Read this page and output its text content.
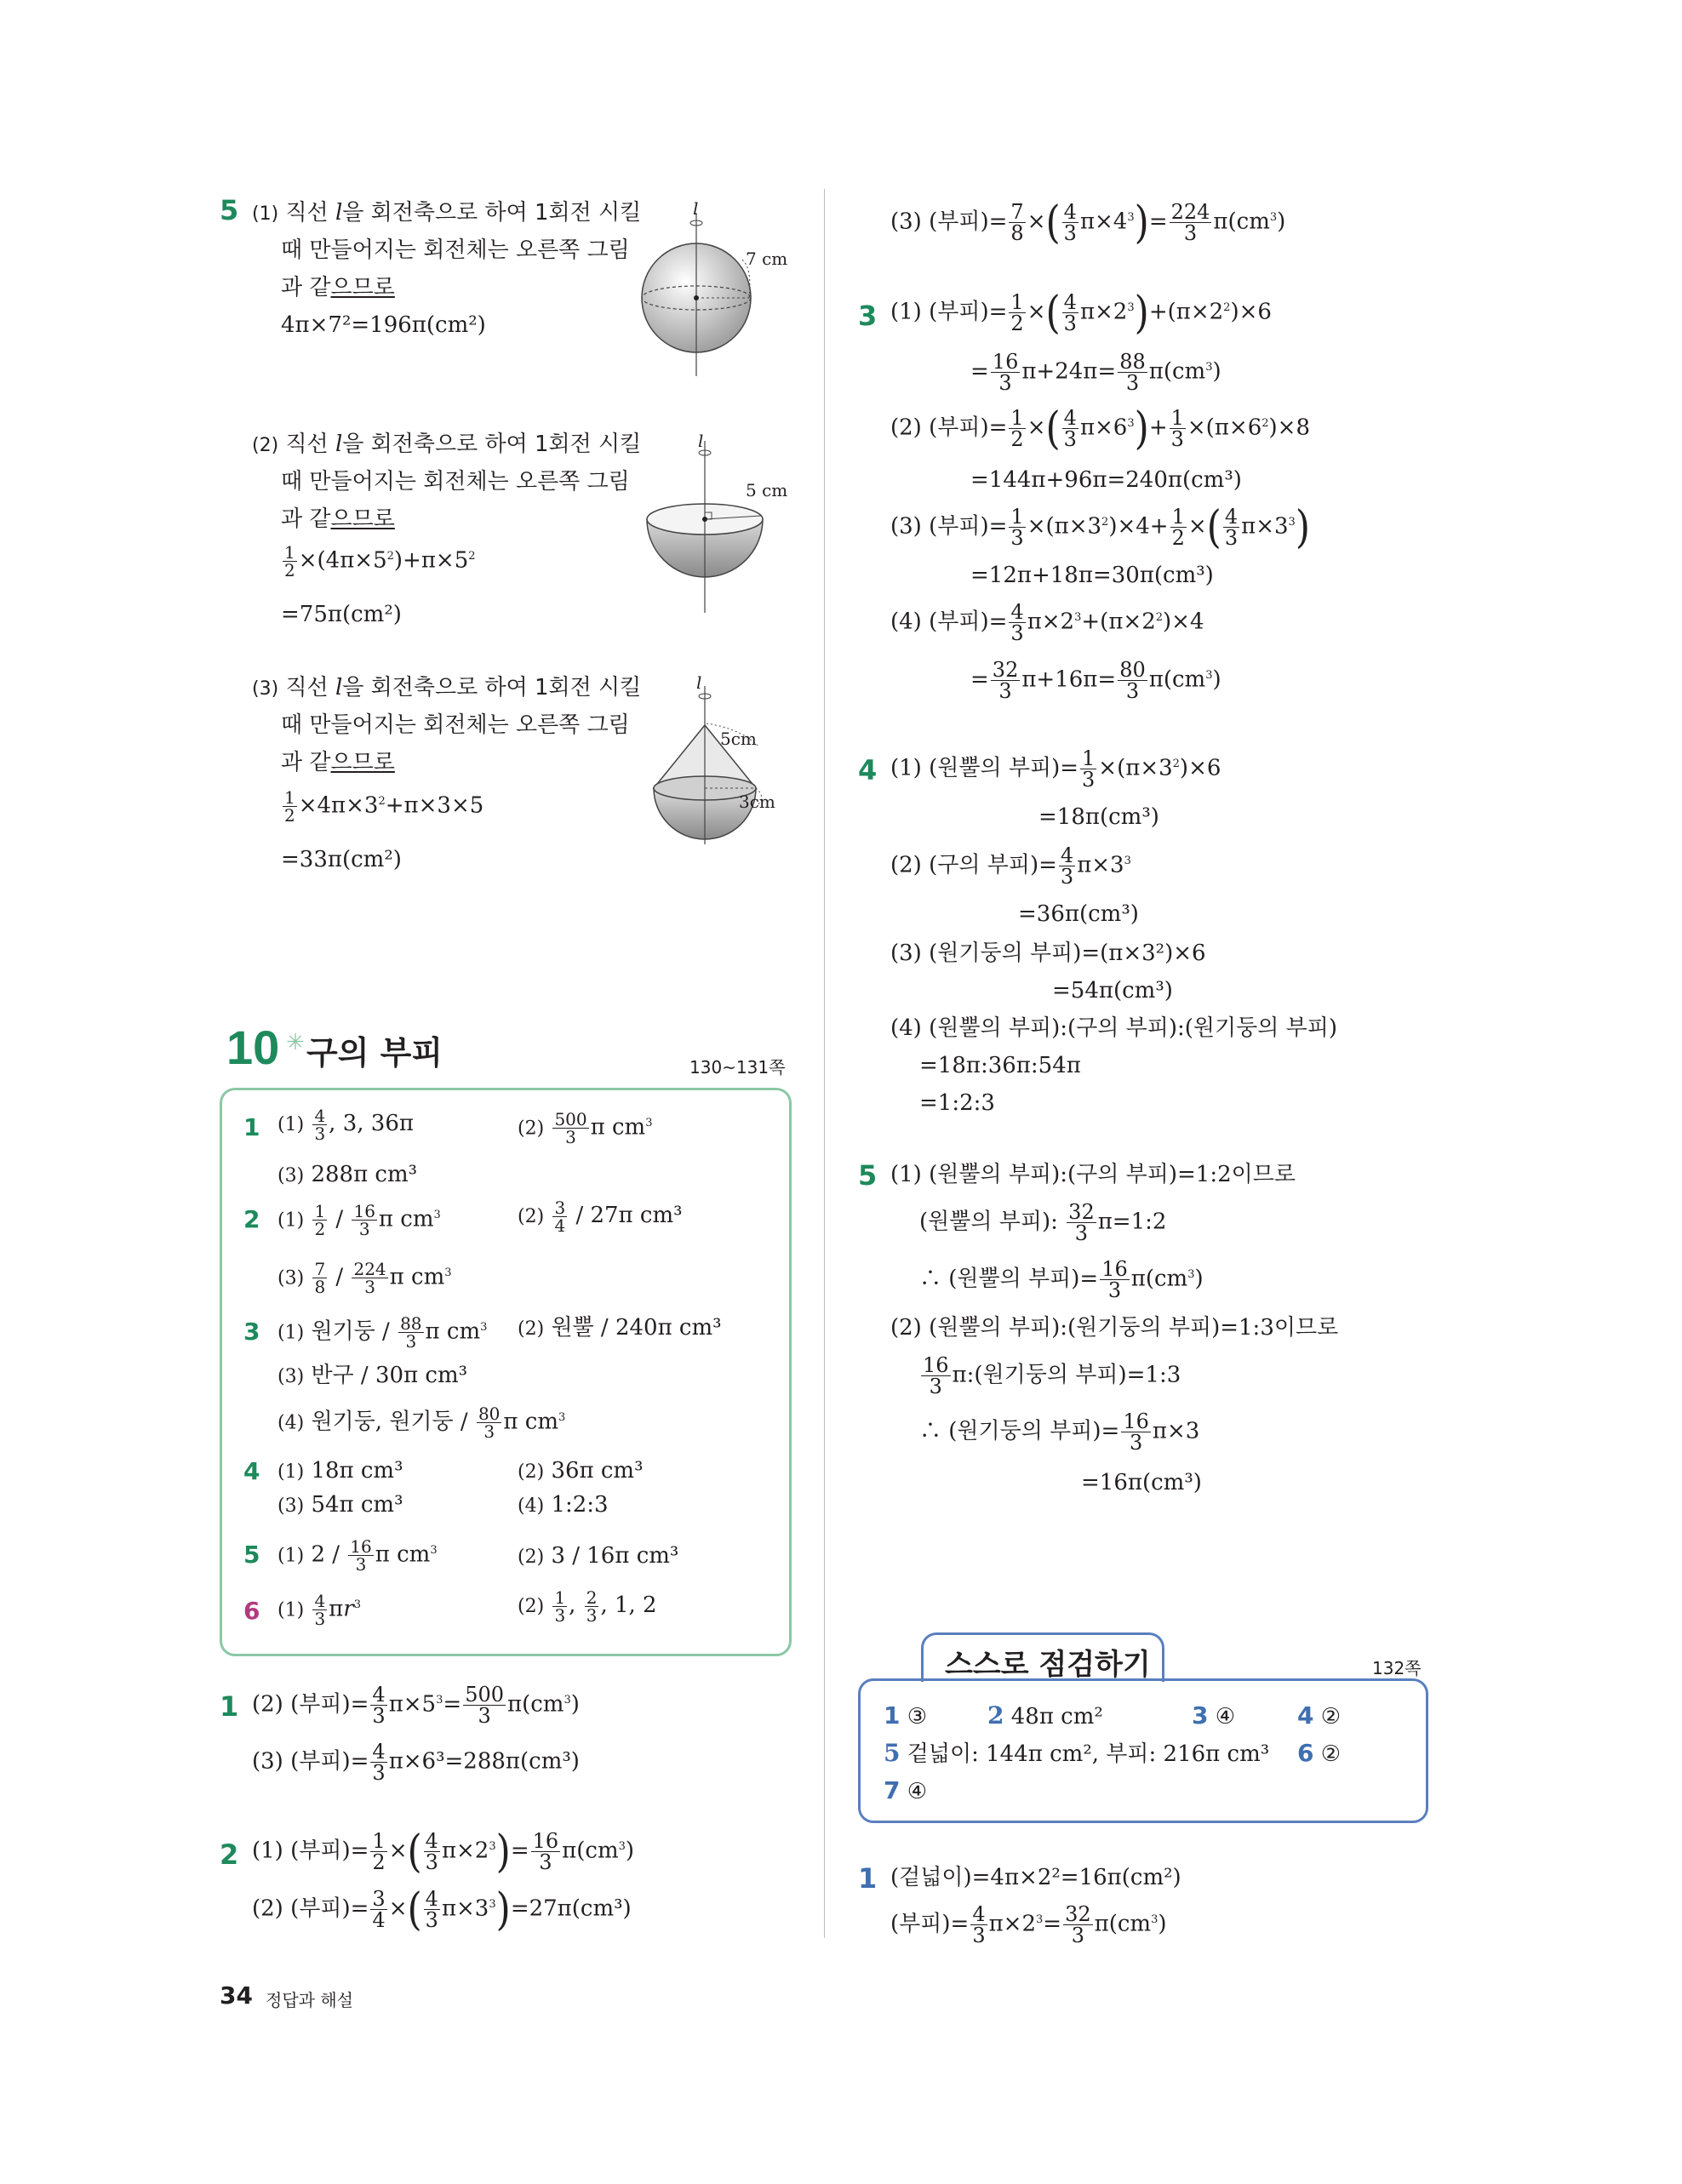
5 (1) 직선 l을 회전축으로 하여 1회전 시킬
때 만들어지는 회전체는 오른쪽 그림
과 같으므로
4π×7²=196π(cm²)
l
7 cm
(2) 직선 l을 회전축으로 하여 1회전 시킬
때 만들어지는 회전체는 오른쪽 그림
과 같으므로
$\frac{1}{2} \times(4\pi\times 5^2)+\pi\times 5^2$
=75π(cm²)
l
5 cm
(3) 직선 l을 회전축으로 하여 1회전 시킬
때 만들어지는 회전체는 오른쪽 그림
과 같으므로
$\frac{1}{2} \times 4\pi\times 3^2+\pi\times 3\times 5$
=33π(cm²)
l
5cm
3cm
10 ✳ 구의 부피	130~131쪽
1 $(1) \frac{4}{3}$ , 3, 36π	$(2) \frac{500}{3}$ π $cm^3$
(3) 288π cm³
2 $(1) \frac{1}{2} / \frac{16}{3}$ π $cm^3$	$(2) \frac{3}{4} / 27\pi$ cm³
$(3) \frac{7}{8} / \frac{224}{3}$ π $cm^3$
3 (1) 원기둥 / $\frac{88}{3}$ π $cm^3$ (2) 원뿔 / 240π cm³
(3) 반구 / 30π cm³
(4) 원기둥, 원기둥 / $\frac{80}{3}$ π $cm^3$
4 (1) 18π cm³	(2) 36π cm³
(3) 54π cm³	(4) 1:2:3
5 (1) $2 / \frac{16}{3}$ π $cm^3$	(2) 3 / 16π cm³
6 $(1) \frac{4}{3} \pi r^3$	$(2) \frac{1}{3}$ , $\frac{2}{3}$ , 1, 2
1 (2) (부피)= $\frac{4}{3} \pi\times 5^3= \frac{500}{3} \pi(cm^3)$
(3) (부피)= $\frac{4}{3} \pi\times 6^3=288\pi(cm^3)$
2 (1) (부피)= $\frac{1}{2}$ ×( $\frac{4}{3} \pi\times 2^3)= \frac{16}{3} \pi(cm^3)$
(2) (부피)= $\frac{3}{4}$ ×( $\frac{4}{3} \pi\times 3^3)=27\pi(cm^3)$
34 정답과 해설
(3) (부피)= $\frac{7}{8}$ ×( $\frac{4}{3} \pi\times 4^3)= \frac{224}{3} \pi(cm^3)$
3 (1) (부피)= $\frac{1}{2}$ ×( $\frac{4}{3} \pi\times 2^3)+(\pi\times 2^2)\times 6$
= $\frac{16}{3} \pi+24\pi= \frac{88}{3} \pi(cm^3)$
(2) (부피)= $\frac{1}{2}$ ×( $\frac{4}{3} \pi\times 6^3)+ \frac{1}{3} \times(\pi\times 6^2)\times 8$
=144π+96π=240π(cm³)
(3) (부피)= $\frac{1}{3} \times(\pi\times 3^2)\times 4+ \frac{1}{2}$ ×( $\frac{4}{3} \pi\times 3^3$)
=12π+18π=30π(cm³)
(4) (부피)= $\frac{4}{3} \pi\times 2^3+(\pi\times 2^2)\times 4$
= $\frac{32}{3} \pi+16\pi= \frac{80}{3} \pi(cm^3)$
4 (1) (원뿔의 부피)= $\frac{1}{3} \times(\pi\times 3^2)\times 6$
=18π(cm³)
(2) (구의 부피)= $\frac{4}{3} \pi\times 3^3$
=36π(cm³)
(3) (원기둥의 부피)=(π×3²)×6
=54π(cm³)
(4) (원뿔의 부피):(구의 부피):(원기둥의 부피)
=18π:36π:54π
=1:2:3
5 (1) (원뿔의 부피):(구의 부피)=1:2이므로
(원뿔의 부피): $\frac{32}{3}$ π=1:2
∴ (원뿔의 부피)= $\frac{16}{3} \pi(cm^3)$
(2) (원뿔의 부피):(원기둥의 부피)=1:3이므로
$\frac{16}{3}$ π:(원기둥의 부피)=1:3
∴ (원기둥의 부피)= $\frac{16}{3} \pi\times 3$
=16π(cm³)
스스로 점검하기	132쪽
1 ③	2 48π cm²	3 ④	4 ②
5 겉넓이: 144π cm², 부피: 216π cm³ 6 ②
7 ④
1 (겉넓이)=4π×2²=16π(cm²)
(부피)= $\frac{4}{3} \pi\times 2^3= \frac{32}{3} \pi(cm^3)$
